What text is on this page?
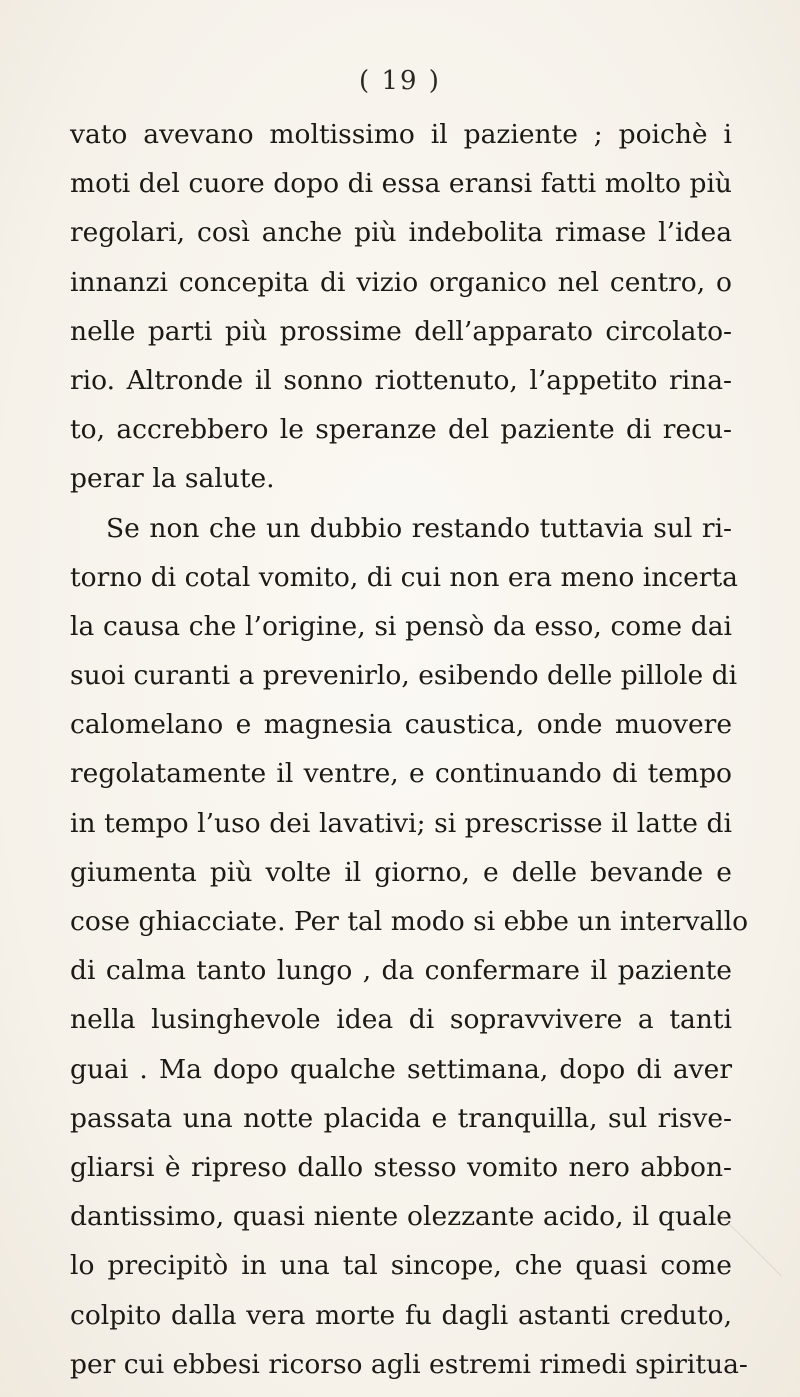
( 19 )
vato avevano moltissimo il paziente ; poichè i
moti del cuore dopo di essa eransi fatti molto più
regolari, così anche più indebolita rimase l’idea
innanzi concepita di vizio organico nel centro, o
nelle parti più prossime dell’apparato circolato-
rio. Altronde il sonno riottenuto, l’appetito rina-
to, accrebbero le speranze del paziente di recu-
perar la salute.
Se non che un dubbio restando tuttavia sul ri-
torno di cotal vomito, di cui non era meno incerta
la causa che l’origine, si pensò da esso, come dai
suoi curanti a prevenirlo, esibendo delle pillole di
calomelano e magnesia caustica, onde muovere
regolatamente il ventre, e continuando di tempo
in tempo l’uso dei lavativi; si prescrisse il latte di
giumenta più volte il giorno, e delle bevande e
cose ghiacciate. Per tal modo si ebbe un intervallo
di calma tanto lungo , da confermare il paziente
nella lusinghevole idea di sopravvivere a tanti
guai . Ma dopo qualche settimana, dopo di aver
passata una notte placida e tranquilla, sul risve-
gliarsi è ripreso dallo stesso vomito nero abbon-
dantissimo, quasi niente olezzante acido, il quale
lo precipitò in una tal sincope, che quasi come
colpito dalla vera morte fu dagli astanti creduto,
per cui ebbesi ricorso agli estremi rimedi spiritua-
